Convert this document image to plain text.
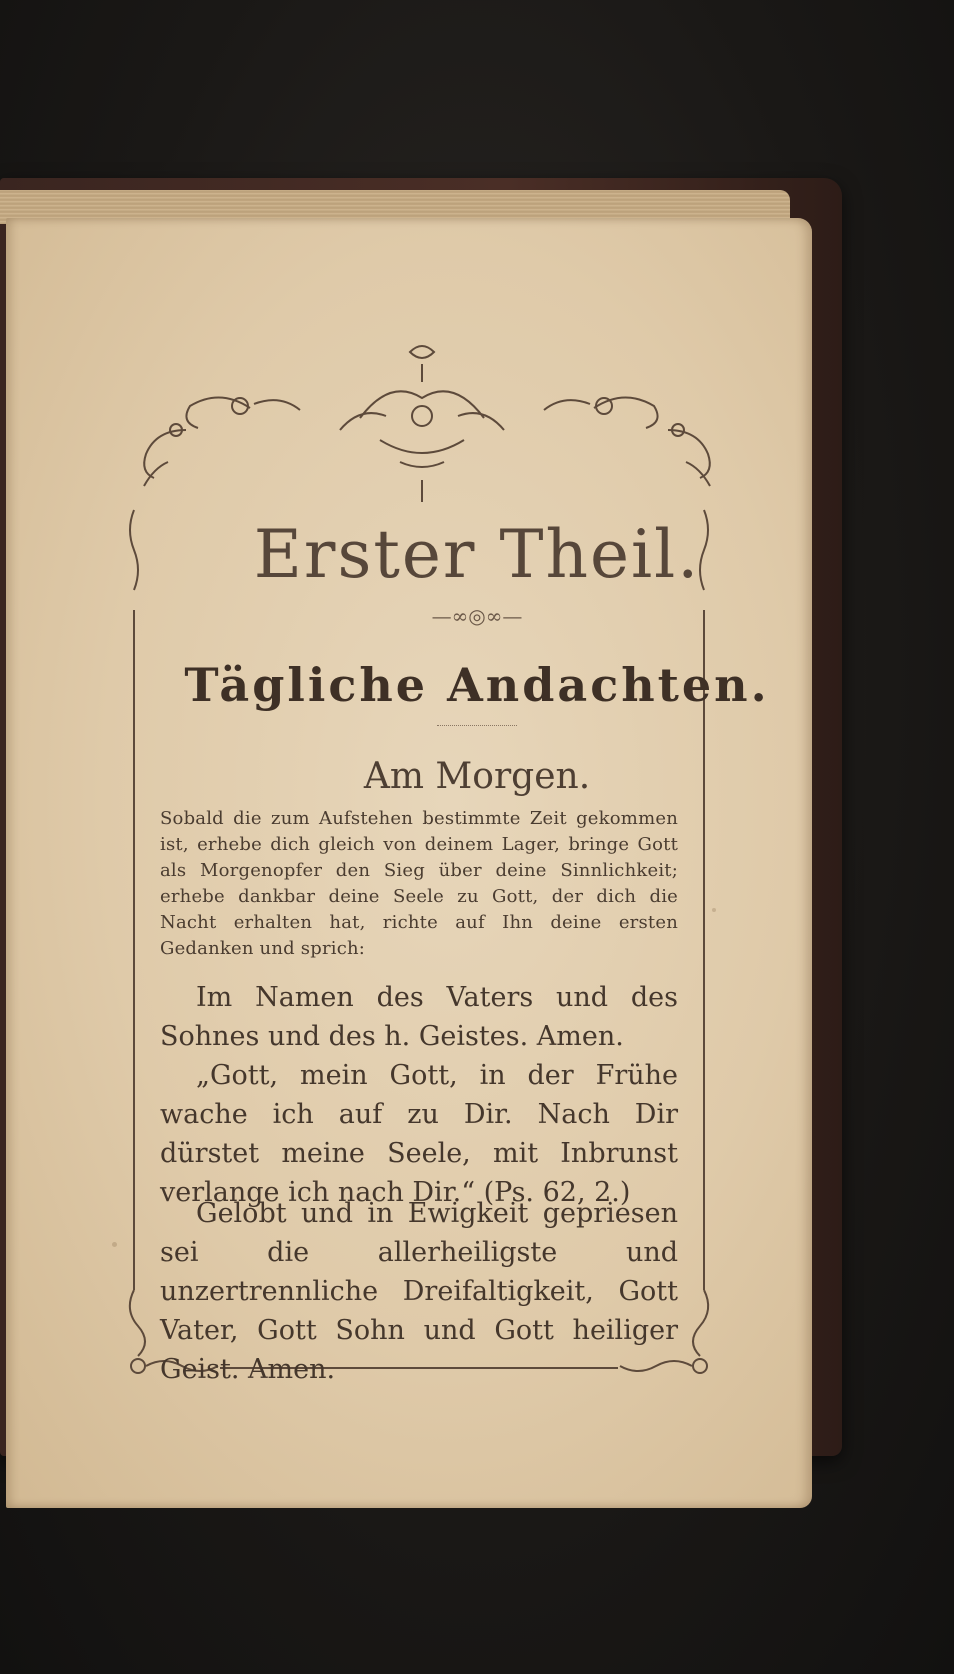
Erster Theil.
—∞◎∞—
Tägliche Andachten.
Am Morgen.
Sobald die zum Aufstehen bestimmte Zeit gekommen ist, erhebe dich gleich von deinem Lager, bringe Gott als Morgenopfer den Sieg über deine Sinnlichkeit; erhebe dankbar deine Seele zu Gott, der dich die Nacht erhalten hat, richte auf Ihn deine ersten Gedanken und sprich:
Im Namen des Vaters und des Sohnes und des h. Geistes. Amen.
„Gott, mein Gott, in der Frühe wache ich auf zu Dir. Nach Dir dürstet meine Seele, mit Inbrunst verlange ich nach Dir.“ (Ps. 62, 2.)
Gelobt und in Ewigkeit gepriesen sei die allerheiligste und unzertrennliche Dreifaltigkeit, Gott Vater, Gott Sohn und Gott heiliger Geist. Amen.
